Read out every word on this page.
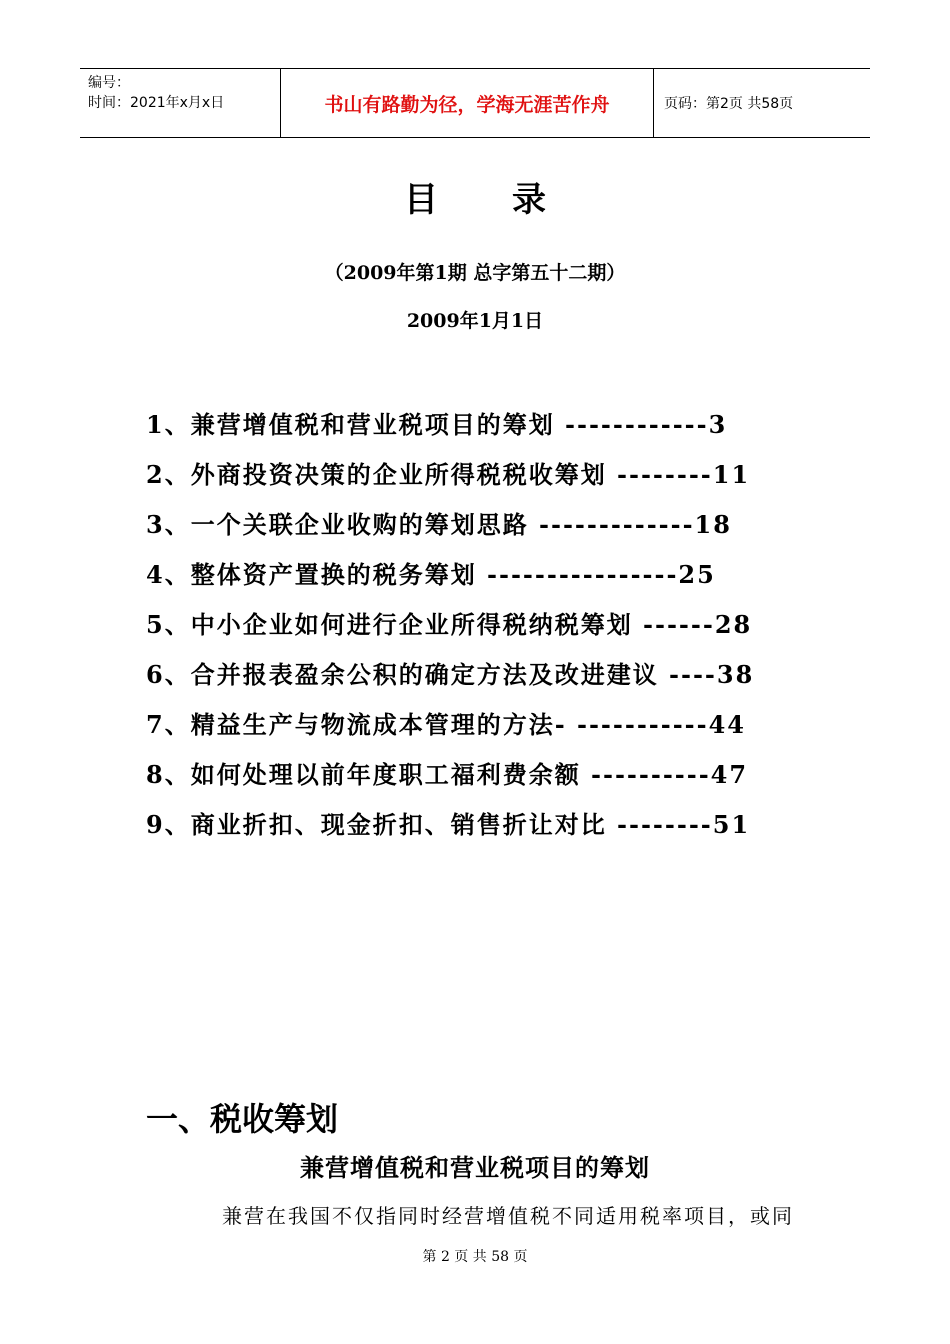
编号：
时间：2021年x月x日	书山有路勤为径，学海无涯苦作舟	页码：第2页 共58页
目录
（2009年第1期 总字第五十二期）
2009年1月1日
1、兼营增值税和营业税项目的筹划 ------------3
2、外商投资决策的企业所得税税收筹划 --------11
3、一个关联企业收购的筹划思路 -------------18
4、整体资产置换的税务筹划 ----------------25
5、中小企业如何进行企业所得税纳税筹划 ------28
6、合并报表盈余公积的确定方法及改进建议 ----38
7、精益生产与物流成本管理的方法- -----------44
8、如何处理以前年度职工福利费余额 ----------47
9、商业折扣、现金折扣、销售折让对比 --------51
一、税收筹划
兼营增值税和营业税项目的筹划
兼营在我国不仅指同时经营增值税不同适用税率项目，或同
第 2 页 共 58 页
